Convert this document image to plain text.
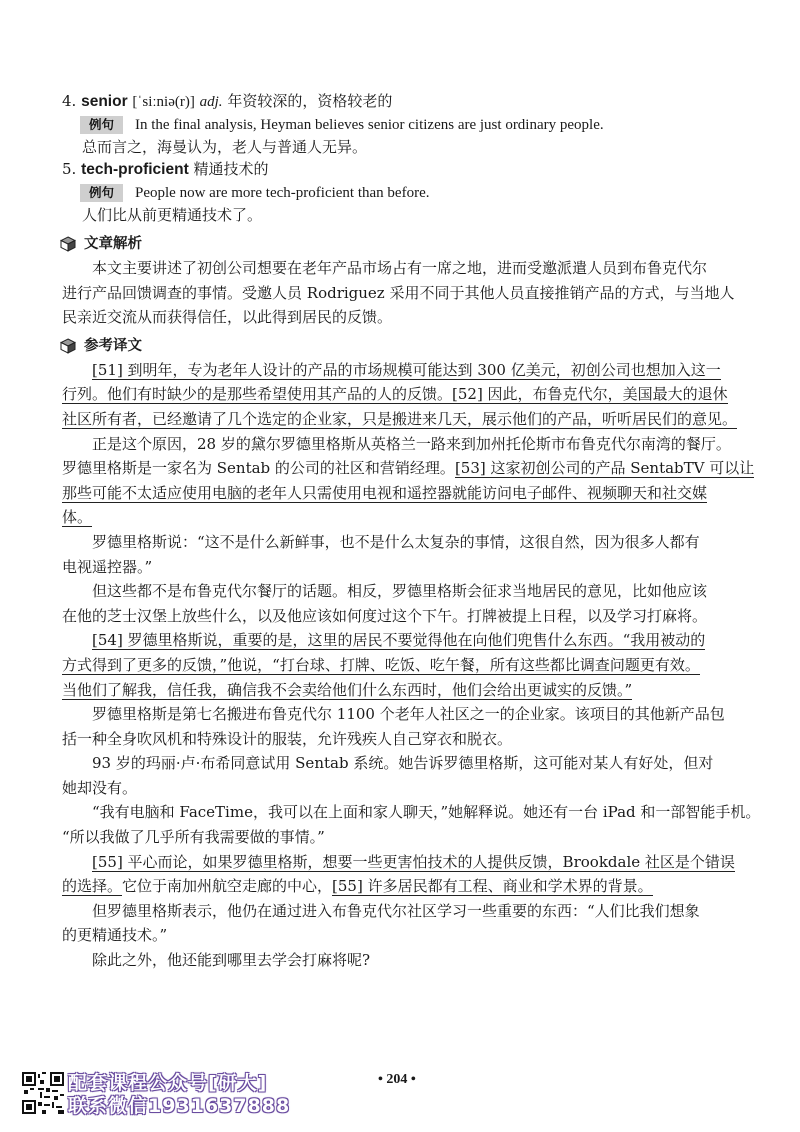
4. senior [ˈsiːniə(r)] adj. 年资较深的，资格较老的
例句 In the final analysis, Heyman believes senior citizens are just ordinary people.
总而言之，海曼认为，老人与普通人无异。
5. tech-proficient 精通技术的
例句 People now are more tech-proficient than before.
人们比从前更精通技术了。
文章解析

本文主要讲述了初创公司想要在老年产品市场占有一席之地，进而受邀派遣人员到布鲁克代尔

进行产品回馈调查的事情。受邀人员 Rodriguez 采用不同于其他人员直接推销产品的方式，与当地人

民亲近交流从而获得信任，以此得到居民的反馈。

参考译文

[51] 到明年，专为老年人设计的产品的市场规模可能达到 300 亿美元，初创公司也想加入这一

行列。他们有时缺少的是那些希望使用其产品的人的反馈。[52] 因此，布鲁克代尔，美国最大的退休

社区所有者，已经邀请了几个选定的企业家，只是搬进来几天，展示他们的产品，听听居民们的意见。

正是这个原因，28 岁的黛尔罗德里格斯从英格兰一路来到加州托伦斯市布鲁克代尔南湾的餐厅。

罗德里格斯是一家名为 Sentab 的公司的社区和营销经理。[53] 这家初创公司的产品 SentabTV 可以让

那些可能不太适应使用电脑的老年人只需使用电视和遥控器就能访问电子邮件、视频聊天和社交媒

体。

罗德里格斯说：“这不是什么新鲜事，也不是什么太复杂的事情，这很自然，因为很多人都有

电视遥控器。”

但这些都不是布鲁克代尔餐厅的话题。相反，罗德里格斯会征求当地居民的意见，比如他应该

在他的芝士汉堡上放些什么，以及他应该如何度过这个下午。打牌被提上日程，以及学习打麻将。

[54] 罗德里格斯说，重要的是，这里的居民不要觉得他在向他们兜售什么东西。“我用被动的

方式得到了更多的反馈，”他说，“打台球、打牌、吃饭、吃午餐，所有这些都比调查问题更有效。

当他们了解我，信任我，确信我不会卖给他们什么东西时，他们会给出更诚实的反馈。”

罗德里格斯是第七名搬进布鲁克代尔 1100 个老年人社区之一的企业家。该项目的其他新产品包

括一种全身吹风机和特殊设计的服装，允许残疾人自己穿衣和脱衣。

93 岁的玛丽·卢·布希同意试用 Sentab 系统。她告诉罗德里格斯，这可能对某人有好处，但对

她却没有。

“我有电脑和 FaceTime，我可以在上面和家人聊天，”她解释说。她还有一台 iPad 和一部智能手机。

“所以我做了几乎所有我需要做的事情。”

[55] 平心而论，如果罗德里格斯，想要一些更害怕技术的人提供反馈，Brookdale 社区是个错误

的选择。它位于南加州航空走廊的中心，[55] 许多居民都有工程、商业和学术界的背景。

但罗德里格斯表示，他仍在通过进入布鲁克代尔社区学习一些重要的东西：“人们比我们想象

的更精通技术。”

除此之外，他还能到哪里去学会打麻将呢?

• 204 •
配套课程公众号[研大]
联系微信1931637888
